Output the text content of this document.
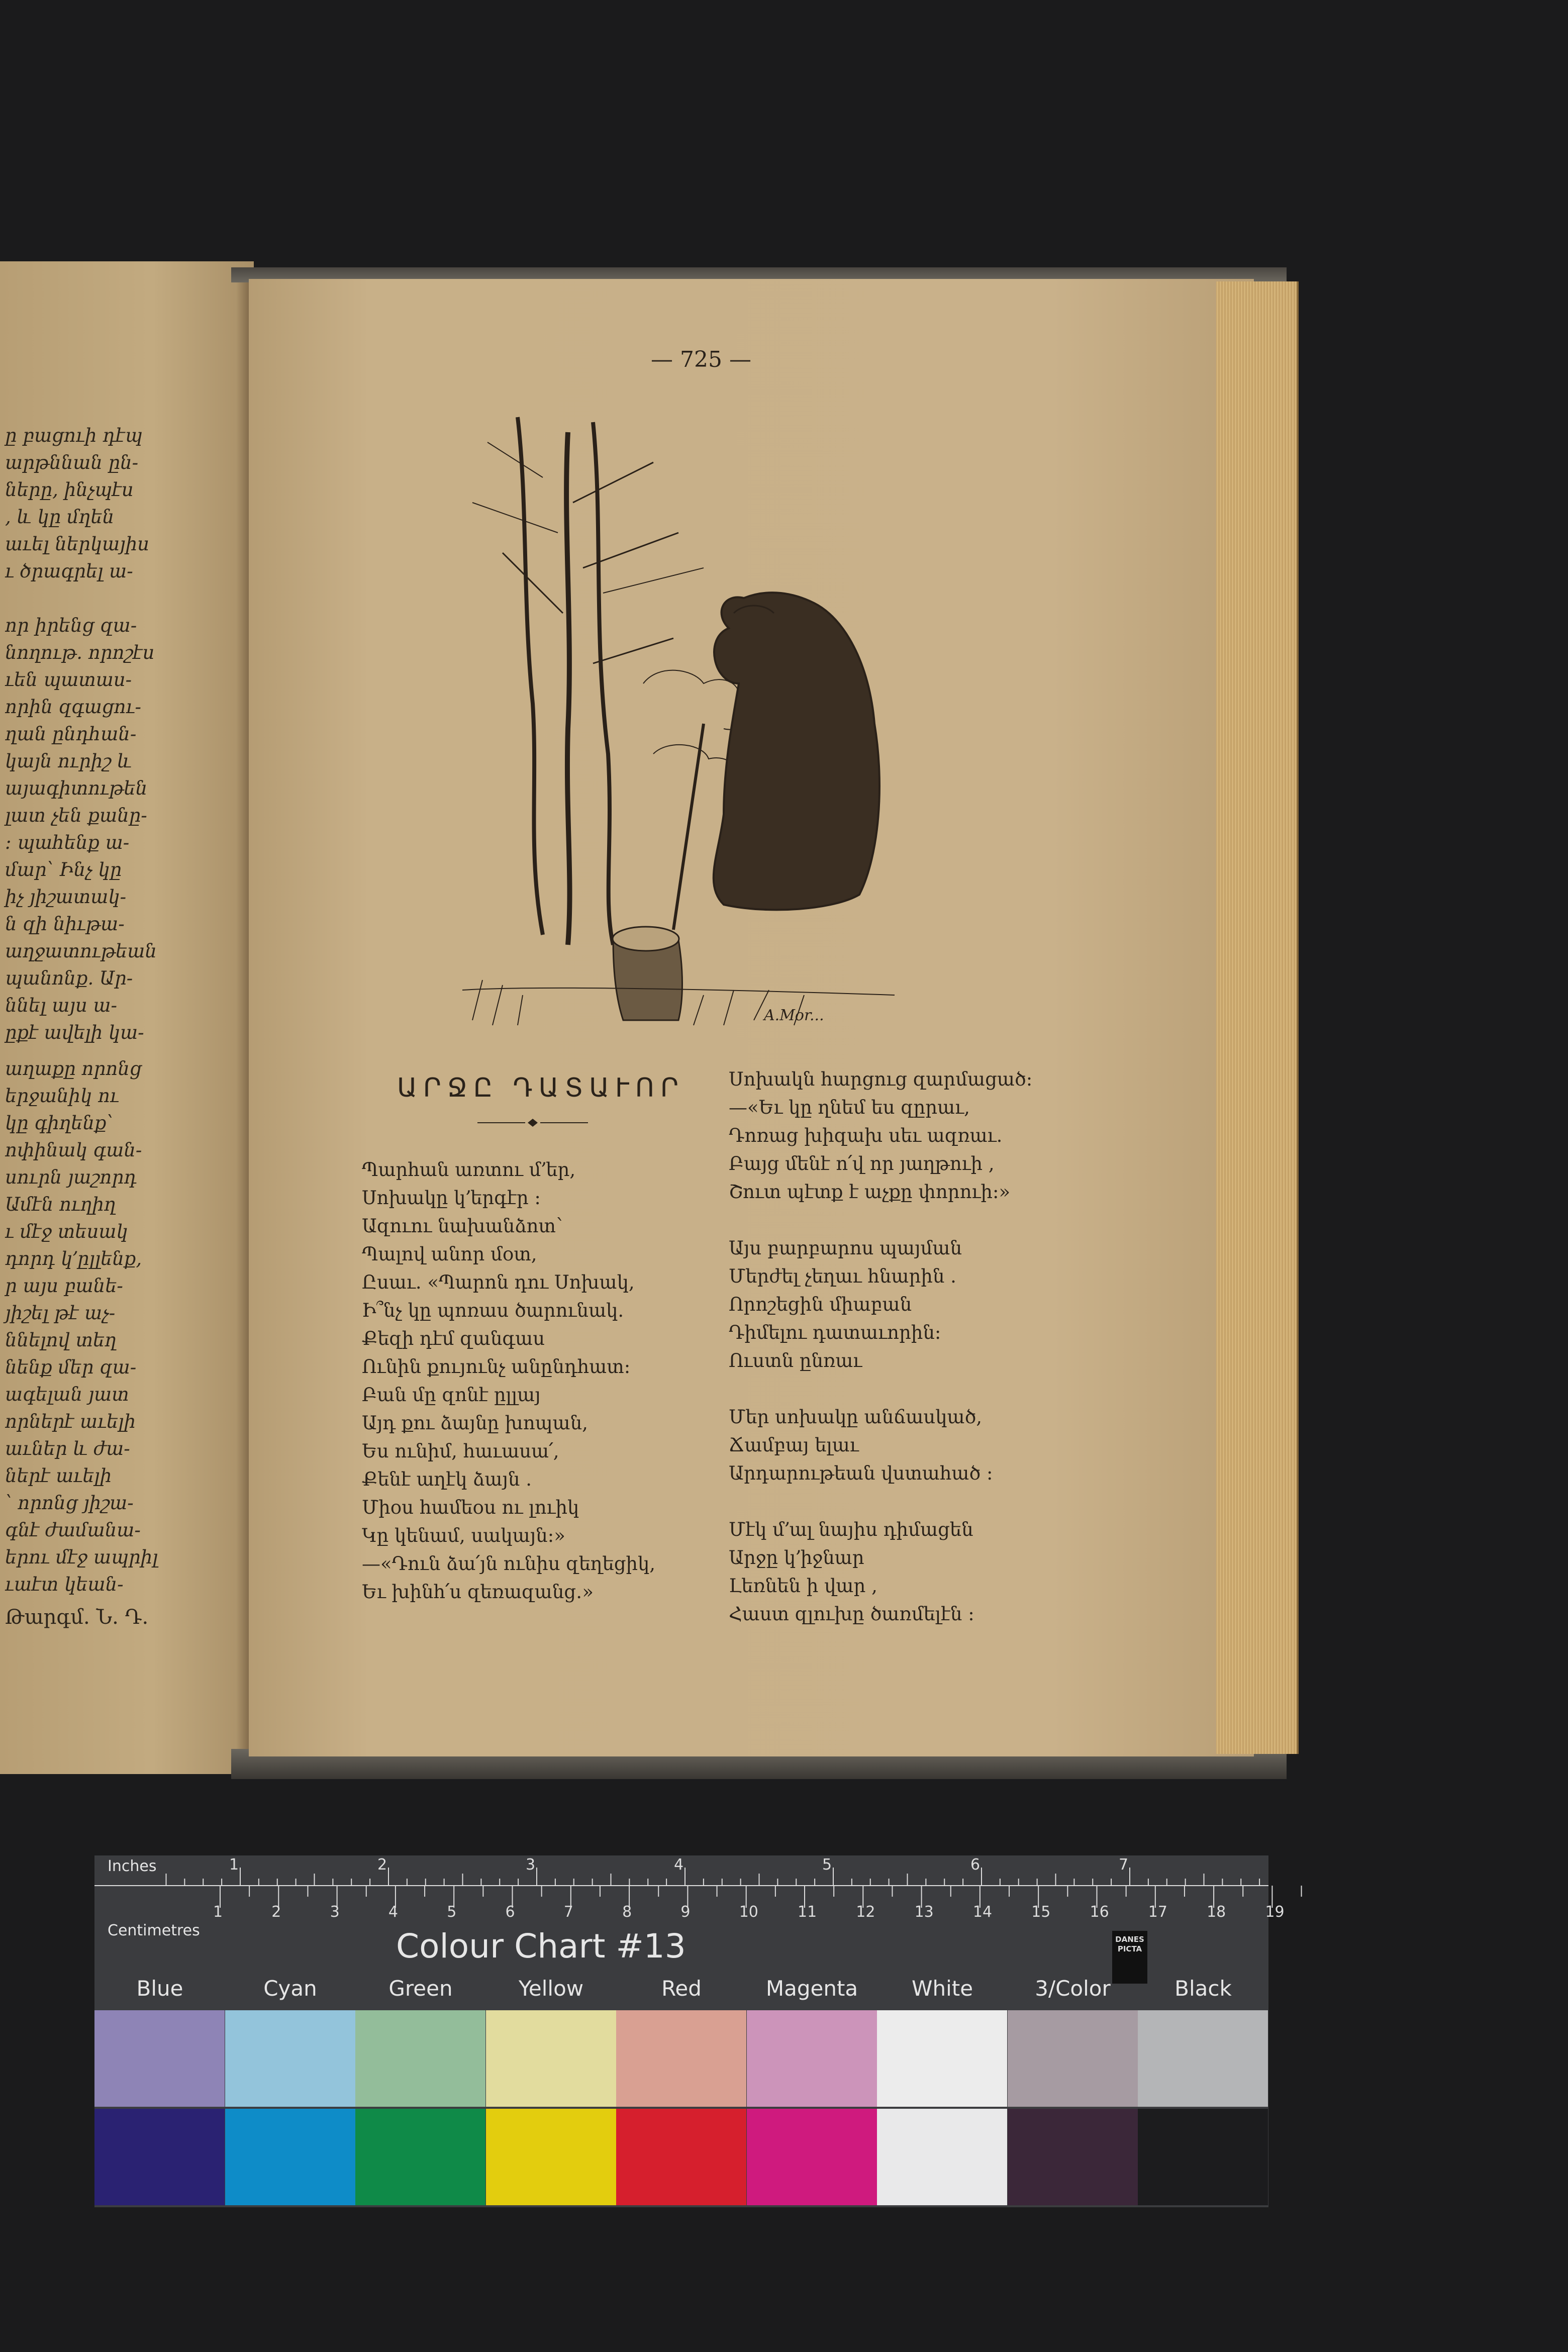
ը բացուի դէպ
արթննան ըն-
ները, ինչպէս
, և կը մղեն
աւել ներկայիս
ւ ծրագրել ա-

որ իրենց զա-
նողութ. որոշէս
ւեն պատաս-
որին զգացու-
ղան ընդհան-
կայն ուրիշ և
այագիտութեն
լատ չեն քանը-
: պահենք ա-
մար՝ Ինչ կը
իչ յիշատակ-
ն զի նիւթա-
աղջատութեան
պանոնք. Ար-
ննել այս ա-
ըքէ ավելի կա-
աղաքը որոնց
երջանիկ ու
կը գիղենք՝
ոփինակ գան-
սուրն յաշորդ
Ամէն ուղիղ
ւ մէջ տեսակ
դորդ կ՚ըլլենք,
ր այս բանե-
յիշել թէ աչ-
ննելով տեղ
նենք մեր զա-
ագելան յատ
որներէ աւելի
աւներ և ժա-
ներէ աւելի
՝ որոնց յիշա-
գնէ ժամանա-
երու մէջ ապրիլ
ւաէտ կեան-
Թարգմ. Ն. Դ.
— 725 —
A.Mor...
ԱՐՋԸ ԴԱՏԱՒՈՐ

Պարհան առտու մ՚եր,

Սոխակը կ՚երգէր :

Ազուու նախանձոտ՝

Պալով անոր մօտ,

Ըսաւ. «Պարոն դու Սոխակ,

Ի՞նչ կը պոռաս ծարունակ.

Քեզի դէմ զանգաս

Ունին քույունչ անընդհատ։

Բան մը զոնէ ըլլայ

Այդ քու ձայնը խոպան,

Ես ունիմ, հաւասա՛,

Քենէ աղէկ ձայն .

Միօս համեօս ու լուիկ

Կը կենամ, սակայն։»

—«Դուն ձա՛յն ունիս զեղեցիկ,

Եւ խինհ՛ս զեռազանց․»

Սոխակն հարցուց զարմացած։

—«Եւ կը ղնեմ ես զըրաւ,

Դոռաց խիզախ սեւ ազռաւ.

Բայց մենէ ո՛վ որ յաղթուի ,

Շուտ պէտք է աչքը փորուի։»

Այս բարբարոս պայման

Մերժել չեղաւ հնարին .

Որոշեցին միաբան

Դիմելու դատաւորին։

Ուստն ընռաւ

Մեր սոխակը անճասկած,

Ճամբայ ելաւ

Արդարութեան վստահած :

Մէկ մ՚ալ նայիս դիմացեն

Արջը կ՚իջնար

Լեռնեն ի վար ,

Հաստ զլուխը ծառմելէն :

1	2	3	4	5	6	7
1	2	3	4	5	6	7	8	9	10	11	12	13	14	15	16	17	18	19
Inches
Centimetres	Colour Chart #13	DANES
PICTA
Blue	Cyan	Green	Yellow	Red	Magenta	White	3/Color	Black
